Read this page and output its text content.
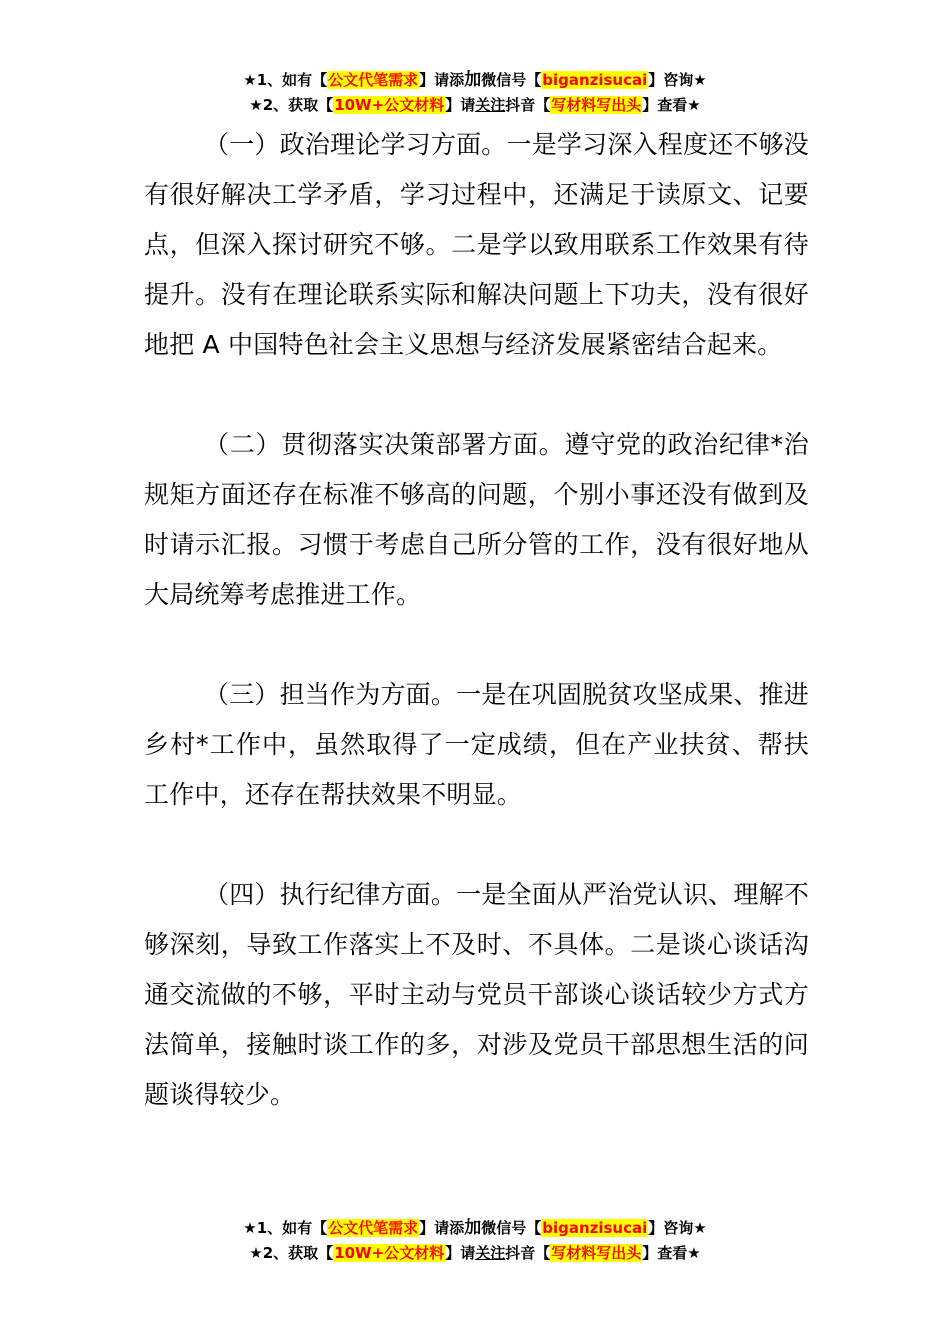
★1、如有【公文代笔需求】请添加微信号【biganzisucai】咨询★
★2、获取【10W+公文材料】请关注抖音【写材料写出头】查看★

（一）政治理论学习方面。一是学习深入程度还不够没有很好解决工学矛盾，学习过程中，还满足于读原文、记要点，但深入探讨研究不够。二是学以致用联系工作效果有待提升。没有在理论联系实际和解决问题上下功夫，没有很好地把 A 中国特色社会主义思想与经济发展紧密结合起来。

（二）贯彻落实决策部署方面。遵守党的政治纪律*治规矩方面还存在标准不够高的问题，个别小事还没有做到及时请示汇报。习惯于考虑自己所分管的工作，没有很好地从大局统筹考虑推进工作。

（三）担当作为方面。一是在巩固脱贫攻坚成果、推进乡村*工作中，虽然取得了一定成绩，但在产业扶贫、帮扶工作中，还存在帮扶效果不明显。

（四）执行纪律方面。一是全面从严治党认识、理解不够深刻，导致工作落实上不及时、不具体。二是谈心谈话沟通交流做的不够，平时主动与党员干部谈心谈话较少方式方法简单，接触时谈工作的多，对涉及党员干部思想生活的问题谈得较少。

★1、如有【公文代笔需求】请添加微信号【biganzisucai】咨询★
★2、获取【10W+公文材料】请关注抖音【写材料写出头】查看★
